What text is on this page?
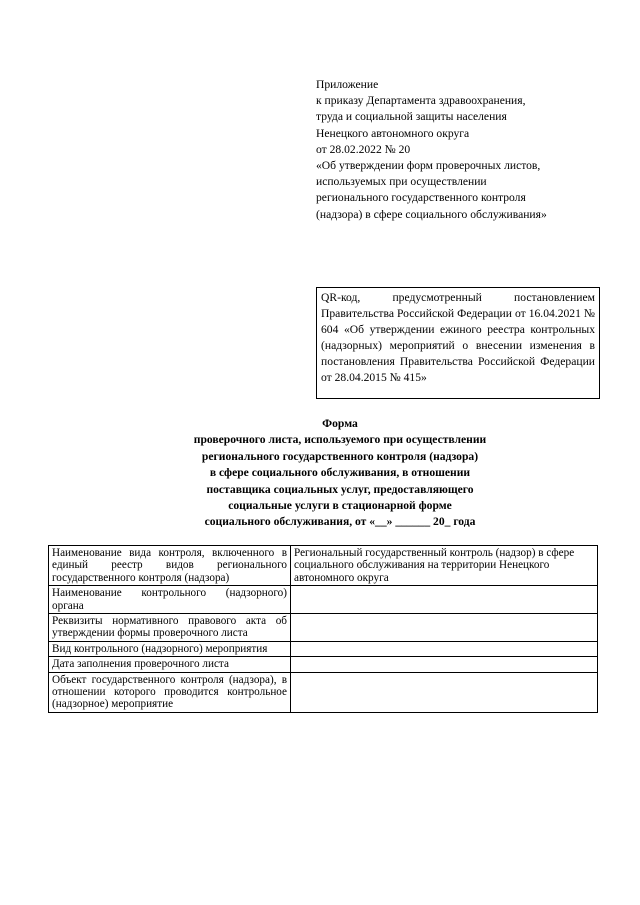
Приложение
к приказу Департамента здравоохранения,
труда и социальной защиты населения
Ненецкого автономного округа
от 28.02.2022 № 20
«Об утверждении форм проверочных листов,
используемых при осуществлении
регионального государственного контроля
(надзора) в сфере социального обслуживания»
QR-код, предусмотренный постановлением Правительства Российской Федерации от 16.04.2021 № 604 «Об утверждении ежиного реестра контрольных (надзорных) мероприятий о внесении изменения в постановления Правительства Российской Федерации от 28.04.2015 № 415»
Форма
проверочного листа, используемого при осуществлении
регионального государственного контроля (надзора)
в сфере социального обслуживания, в отношении
поставщика социальных услуг, предоставляющего
социальные услуги в стационарной форме
социального обслуживания, от «__» ______ 20_ года
Наименование вида контроля, включенного в единый реестр видов регионального государственного контроля (надзора)	Региональный государственный контроль (надзор) в сфере социального обслуживания на территории Ненецкого автономного округа
Наименование контрольного (надзорного) органа	
Реквизиты нормативного правового акта об утверждении формы проверочного листа	
Вид контрольного (надзорного) мероприятия	
Дата заполнения проверочного листа	
Объект государственного контроля (надзора), в отношении которого проводится контрольное (надзорное) мероприятие	
